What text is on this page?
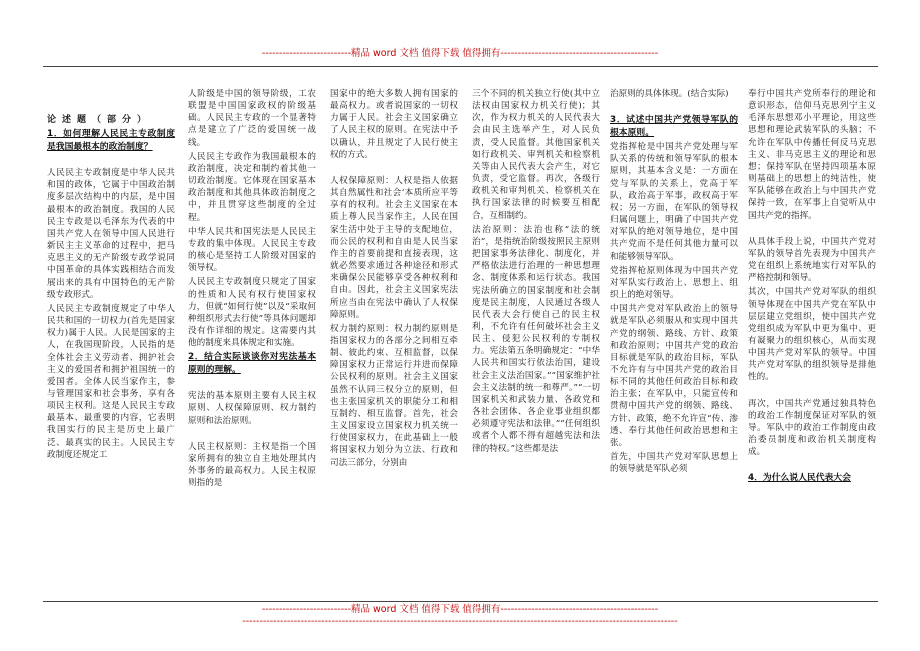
--------------------------精品 word 文档 值得下载 值得拥有----------------------------------------------
论述题（部分）
1．如何理解人民民主专政制度是我国最根本的政治制度？

人民民主专政制度是中华人民共和国的政体，它属于中国政治制度多层次结构中的内层，是中国最根本的政治制度。我国的人民民主专政是以毛泽东为代表的中国共产党人在领导中国人民进行新民主主义革命的过程中，把马克思主义的无产阶级专政学说同中国革命的具体实践相结合而发展出来的具有中国特色的无产阶级专政形式。

人民民主专政制度规定了中华人民共和国的一切权力(首先是国家权力)属于人民。人民是国家的主人，在我国现阶段，人民指的是全体社会主义劳动者、拥护社会主义的爱国者和拥护祖国统一的爱国者。全体人民当家作主，参与管理国家和社会事务，享有各项民主权利。这是人民民主专政最基本、最重要的内容，它表明我国实行的民主是历史上最广泛、最真实的民主。人民民主专政制度还规定工

人阶级是中国的领导阶级，工农联盟是中国国家政权的阶级基础。人民民主专政的一个显著特点是建立了广泛的爱国统一战线。

人民民主专政作为我国最根本的政治制度，决定和制约着其他一切政治制度。它体现在国家基本政治制度和其他具体政治制度之中，并且贯穿这些制度的全过程。

中华人民共和国宪法是人民民主专政的集中体现。人民民主专政的核心是坚持工人阶级对国家的领导权。

人民民主专政制度只规定了国家的性质和人民有权行使国家权力，但就“如何行使”以及“采取何种组织形式去行使”等具体问题却没有作详细的规定。这需要内其他的制度来具体规定和实施。

2．结合实际谈谈你对宪法基本原则的理解。

宪法的基本原则主要有人民主权原则、人权保障原则、权力制约原则和法治原则。

人民主权原则：主权是指一个国家所拥有的独立自主地处理其内外事务的最高权力。人民主权原则指的是

国家中的绝大多数人拥有国家的最高权力。或者说国家的一切权力属于人民。社会主义国家确立了人民主权的原则。在宪法中予以确认，并且规定了人民行使主权的方式。

人权保障原则：人权是指人依据其自然属性和社会‘本质所应平等享有的权利。社会主义国家在本质上尊人民当家作主，人民在国家生活中处于主导的支配地位，而公民的权利和自由是人民当家作主的首要前提和直接表现，这就必然要求通过各种途径和形式来确保公民能够享受各种权利和自由。因此，社会主义国家宪法所应当由在宪法中确认了人权保障原则。

权力制约原则：权力制约原则是指国家权力的各部分之间相互牵制、彼此约束、互相监督，以保障国家权力正常运行并进而保障公民权利的原则。社会主义国家虽然不认同三权分立的原则，但也主张国家机关的职能分工和相互制约、相互监督。首先，社会主义国家设立国家权力机关统一行使国家权力，在此基础上一般将国家权力划分为立法、行政和司法三部分，分别由

三个不同的机关独立行使(其中立法权由国家权力机关行使)；其次，作为权力机关的人民代表大会由民主选举产生，对人民负责，受人民监督。其他国家机关如行政机关、审判机关和检察机关等由人民代表大会产生，对它负责，受它监督。再次，各级行政机关和审判机关、检察机关在执行国家法律的时候要互相配合，互相制约。

法治原则：法治也称“法的统治”，是指统治阶级按照民主原则把国家事务法律化、制度化，并严格依法进行治理的一种思想理念、制度体系和运行状态。我国宪法所确立的国家制度和社会制度是民主制度，人民通过各级人民代表大会行使自己的民主权利，不允许有任何破坏社会主义民主、侵犯公民权利的专制权力。宪法第五条明确规定：“中华人民共和国实行依法治国，建设社会主义法治国家。”“国家维护社会主义法制的统一和尊严。”“一切国家机关和武装力量、各政党和各社会团体、各企业事业组织都必须遵守宪法和法律。”“任何组织或者个人都不得有超越宪法和法律的特权。”这些都是法

治原则的具体体现。(结合实际)

3．试述中国共产党领导军队的根本原则。

党指挥枪是中国共产党处理与军队关系的传统和领导军队的根本原则，其基本含义是：一方面在党与军队的关系上，党高于军队，政治高于军事，政权高于军权；另一方面，在军队的领导权归属问题上，明确了中国共产党对军队的绝对领导地位，是中国共产党而不是任何其他力量可以和能够领导军队。

党指挥枪原则体现为中国共产党对军队实行政治上、思想上、组织上的绝对领导。

中国共产党对军队政治上的领导就是军队必须服从和实现中国共产党的纲领、路线、方针、政策和政治原则；中国共产党的政治目标就是军队的政治目标，军队不允许有与中国共产党的政治目标不同的其他任何政治目标和政治主张；在军队中，只能宣传和贯彻中国共产党的纲领、路线、方针、政策，绝不允许宣“传、渗透、奉行其他任何政治思想和主张。

首先，中国共产党对军队思想上的领导就是军队必须

奉行中国共产党所奉行的理论和意识形态，信仰马克思列宁主义毛泽东思想邓小平理论，用这些思想和理论武装军队的头脑；不允许在军队中传播任何反马克思主义、非马克思主义的理论和思想；保持军队在坚持四项基本原则基础上的思想上的纯洁性，使军队能够在政治上与中国共产党保持一致，在军事上自觉听从中国共产党的指挥。

从具体手段上说，中国共产党对军队的领导首先表现为中国共产党在组织上系统地实行对军队的严格控制和领导。

其次，中国共产党对军队的组织领导体现在中国共产党在军队中层层建立党组织，使中国共产党党组织成为军队中更为集中、更有凝聚力的组织核心，从而实现中国共产党对军队的领导。中国共产党对军队的组织领导是排他性的。

再次，中国共产党通过独具特色的政治工作制度保证对军队的领导。军队中的政治工作制度由政治委员制度和政治机关制度构成。

4．为什么说人民代表大会
--------------------------精品 word 文档 值得下载 值得拥有----------------------------------------------
-------------------------------------------------------------------------------------------------------------------------------
